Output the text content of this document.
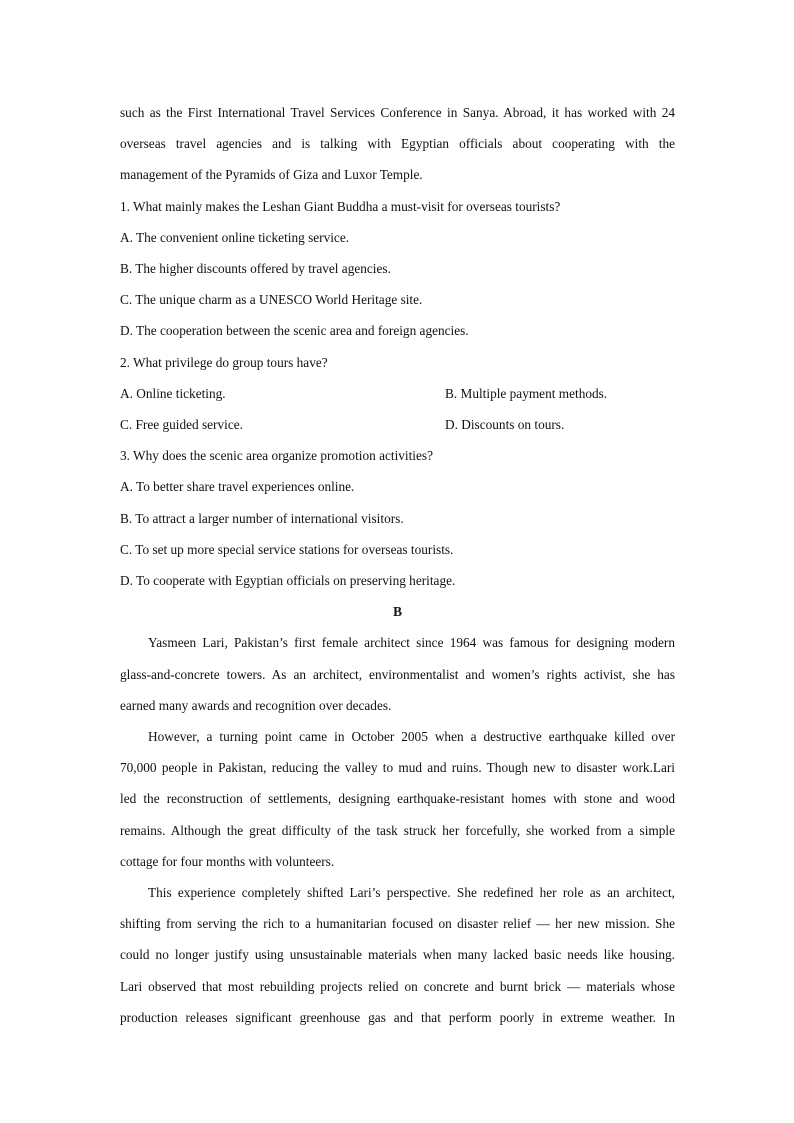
such as the First International Travel Services Conference in Sanya. Abroad, it has worked with 24
overseas travel agencies and is talking with Egyptian officials about cooperating with the
management of the Pyramids of Giza and Luxor Temple.
1. What mainly makes the Leshan Giant Buddha a must-visit for overseas tourists?
A. The convenient online ticketing service.
B. The higher discounts offered by travel agencies.
C. The unique charm as a UNESCO World Heritage site.
D. The cooperation between the scenic area and foreign agencies.
2. What privilege do group tours have?
A. Online ticketing.	B. Multiple payment methods.
C. Free guided service.	D. Discounts on tours.
3. Why does the scenic area organize promotion activities?
A. To better share travel experiences online.
B. To attract a larger number of international visitors.
C. To set up more special service stations for overseas tourists.
D. To cooperate with Egyptian officials on preserving heritage.
B
Yasmeen Lari, Pakistan’s first female architect since 1964 was famous for designing modern
glass-and-concrete towers. As an architect, environmentalist and women’s rights activist, she has
earned many awards and recognition over decades.
However, a turning point came in October 2005 when a destructive earthquake killed over
70,000 people in Pakistan, reducing the valley to mud and ruins. Though new to disaster work.Lari
led the reconstruction of settlements, designing earthquake-resistant homes with stone and wood
remains. Although the great difficulty of the task struck her forcefully, she worked from a simple
cottage for four months with volunteers.
This experience completely shifted Lari’s perspective. She redefined her role as an architect,
shifting from serving the rich to a humanitarian focused on disaster relief — her new mission. She
could no longer justify using unsustainable materials when many lacked basic needs like housing.
Lari observed that most rebuilding projects relied on concrete and burnt brick — materials whose
production releases significant greenhouse gas and that perform poorly in extreme weather. In
